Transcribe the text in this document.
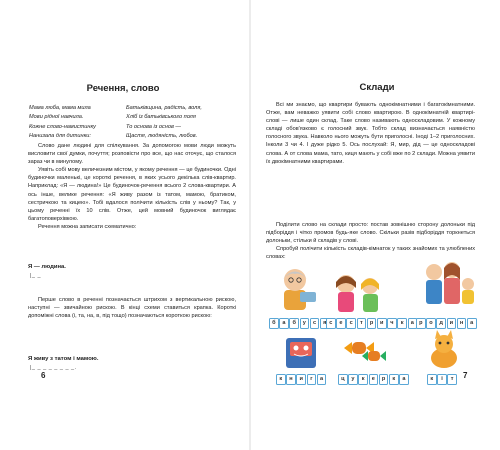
Речення, слово
Мама люба, мама мила	Батьківщина, радість, воля,
Мови рідної навчила.	Хліб із батьківського поля
Кожне слово-намистинку	То основа із основ —
Нанизала для дитинки:	Щастя, людяність, любов.

Слово дане людині для спілкування. За допомогою мови люди можуть висловити свої думки, почуття; розповісти про все, що нас оточує, що сталося зараз чи в минулому.

Уявіть собі мову величезним містом, у якому речення — це будиночки. Одні будиночки маленькі, це короткі речення, в яких усього декілька слів-квартир. Наприклад: «Я — людина!» Це будиночок-речення всього 2 слова-квартири. А ось інше, велике речення: «Я живу разом із татом, мамою, братиком, сестричкою та кицею». Тобі вдалося полічити кількість слів у ньому? Так, у цьому реченні їх 10 слів. Отже, цей мовний будиночок виглядає багатоповерхівкою.

Речення можна записати схематично:

Я — людина.
|_ _

Перше слово в реченні позначається штрихом з вертикальною рискою, наступні — звичайною рискою. В кінці схеми ставиться крапка. Короткі допоміжні слова (і, та, на, в, під тощо) позначаються короткою рискою:

Я живу з татом і мамою.
|_ _ _ _ _ _ _ _.
6
Склади

Всі ми знаємо, що квартири бувають однокімнатними і багатокімнатними. Отже, вам неважко уявити собі слово квартирою. В однокімнатній квартирі-слові — лише один склад. Таке слово називають односкладовим. У кожному складі обов'язково є голосний звук. Тобто склад визначається наявністю голосного звука. Навколо нього можуть бути приголосні. Іноді 1–2 приголосних. Інколи 3 чи 4. І дуже рідко 5. Ось послухай: Я, мир, дід — це односкладові слова. А от слова мама, тато, киця мають у собі вже по 2 склади. Можна уявити їх двокімнатними квартирами.

Поділити слово на склади просто: постав зовнішню сторону долоньки під підборіддя і чітко промов будь-яке слово. Скільки разів підборіддя торкнеться долоньки, стільки й складів у слові.

Спробуй полічити кількість складів-кімнаток у таких знайомих та улюблених словах:

б	а	б	у	с	я с	е	с	т	р	и	ч	к	а р	о	д	и	н	а
к	н	и	г	а	ц	у	к	е	р	к	а	к	і	т	7
